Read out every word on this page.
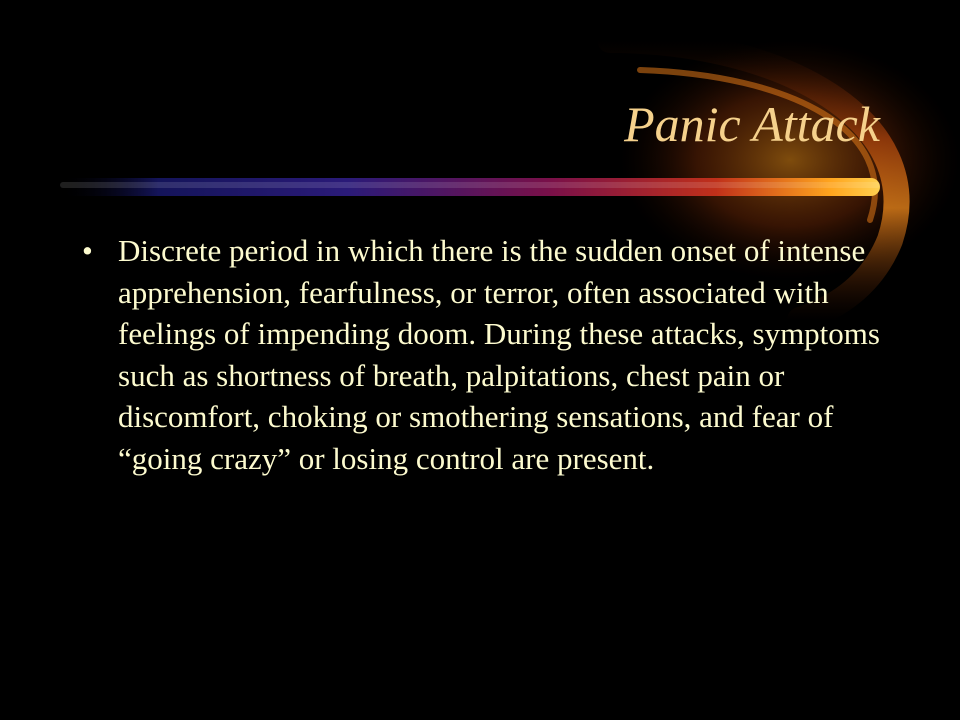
Panic Attack
• Discrete period in which there is the sudden onset of intense apprehension, fearfulness, or terror, often associated with feelings of impending doom. During these attacks, symptoms such as shortness of breath, palpitations, chest pain or discomfort, choking or smothering sensations, and fear of “going crazy” or losing control are present.
